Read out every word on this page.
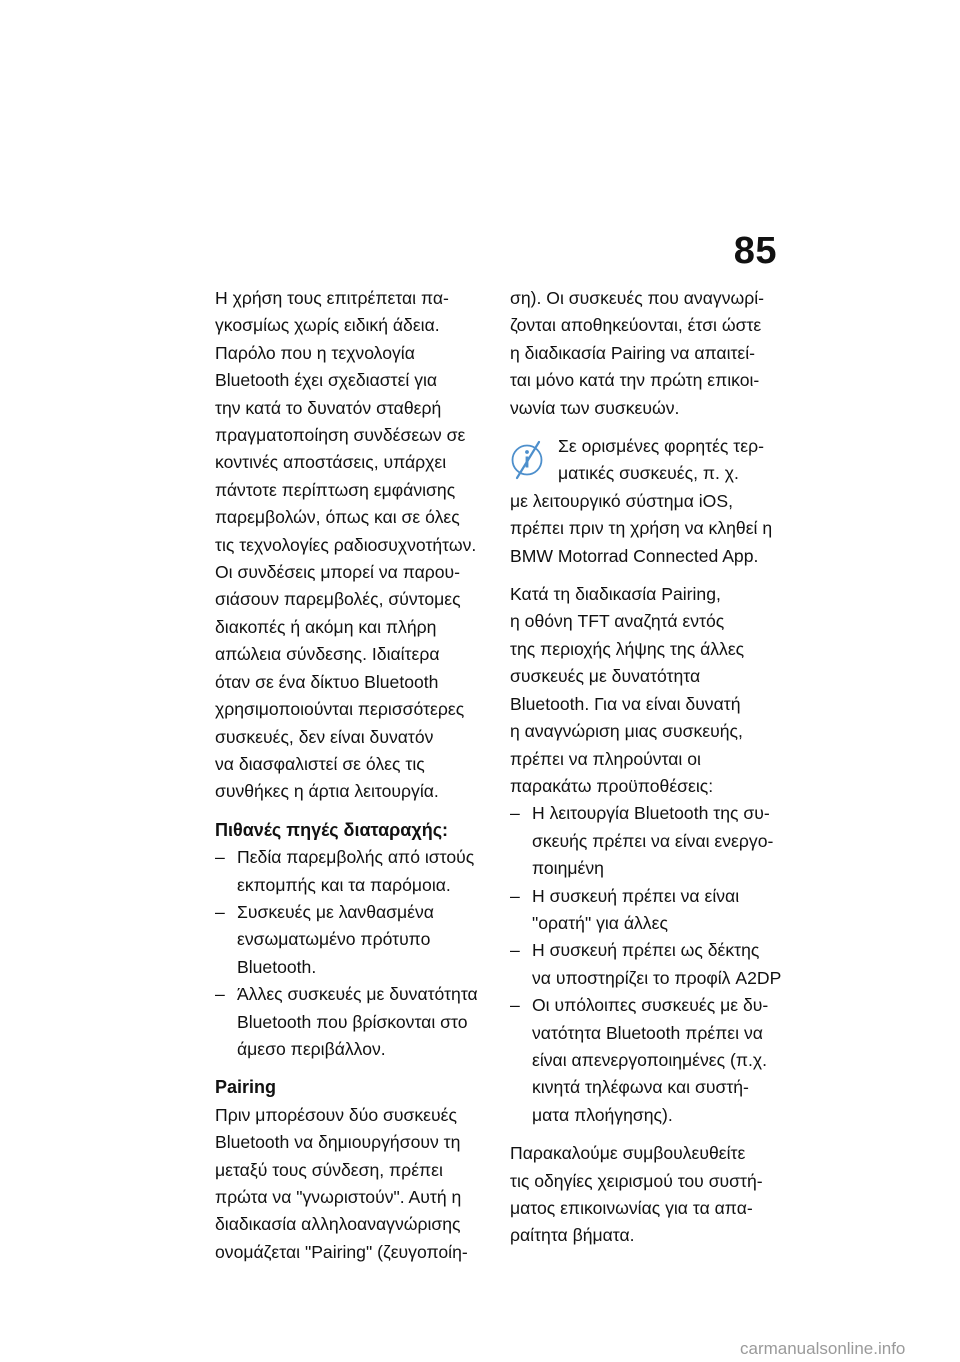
85
Η χρήση τους επιτρέπεται πα-
γκοσμίως χωρίς ειδική άδεια.
Παρόλο που η τεχνολογία
Bluetooth έχει σχεδιαστεί για
την κατά το δυνατόν σταθερή
πραγματοποίηση συνδέσεων σε
κοντινές αποστάσεις, υπάρχει
πάντοτε περίπτωση εμφάνισης
παρεμβολών, όπως και σε όλες
τις τεχνολογίες ραδιοσυχνοτήτων.
Οι συνδέσεις μπορεί να παρου-
σιάσουν παρεμβολές, σύντομες
διακοπές ή ακόμη και πλήρη
απώλεια σύνδεσης. Ιδιαίτερα
όταν σε ένα δίκτυο Bluetooth
χρησιμοποιούνται περισσότερες
συσκευές, δεν είναι δυνατόν
να διασφαλιστεί σε όλες τις
συνθήκες η άρτια λειτουργία.
Πιθανές πηγές διαταραχής:
– Πεδία παρεμβολής από ιστούς
εκπομπής και τα παρόμοια.
– Συσκευές με λανθασμένα
ενσωματωμένο πρότυπο
Bluetooth.
– Άλλες συσκευές με δυνατότητα
Bluetooth που βρίσκονται στο
άμεσο περιβάλλον.
Pairing
Πριν μπορέσουν δύο συσκευές
Bluetooth να δημιουργήσουν τη
μεταξύ τους σύνδεση, πρέπει
πρώτα να "γνωριστούν". Αυτή η
διαδικασία αλληλοαναγνώρισης
ονομάζεται "Pairing" (ζευγοποίη-
ση). Οι συσκευές που αναγνωρί-
ζονται αποθηκεύονται, έτσι ώστε
η διαδικασία Pairing να απαιτεί-
ται μόνο κατά την πρώτη επικοι-
νωνία των συσκευών.
Σε ορισμένες φορητές τερ-
ματικές συσκευές, π. χ.
με λειτουργικό σύστημα iOS,
πρέπει πριν τη χρήση να κληθεί η
BMW Motorrad Connected App.
Κατά τη διαδικασία Pairing,
η οθόνη TFT αναζητά εντός
της περιοχής λήψης της άλλες
συσκευές με δυνατότητα
Bluetooth. Για να είναι δυνατή
η αναγνώριση μιας συσκευής,
πρέπει να πληρούνται οι
παρακάτω προϋποθέσεις:
– Η λειτουργία Bluetooth της συ-
σκευής πρέπει να είναι ενεργο-
ποιημένη
– Η συσκευή πρέπει να είναι
"ορατή" για άλλες
– Η συσκευή πρέπει ως δέκτης
να υποστηρίζει το προφίλ A2DP
– Οι υπόλοιπες συσκευές με δυ-
νατότητα Bluetooth πρέπει να
είναι απενεργοποιημένες (π.χ.
κινητά τηλέφωνα και συστή-
ματα πλοήγησης).
Παρακαλούμε συμβουλευθείτε
τις οδηγίες χειρισμού του συστή-
ματος επικοινωνίας για τα απα-
ραίτητα βήματα.
carmanualsonline.info
